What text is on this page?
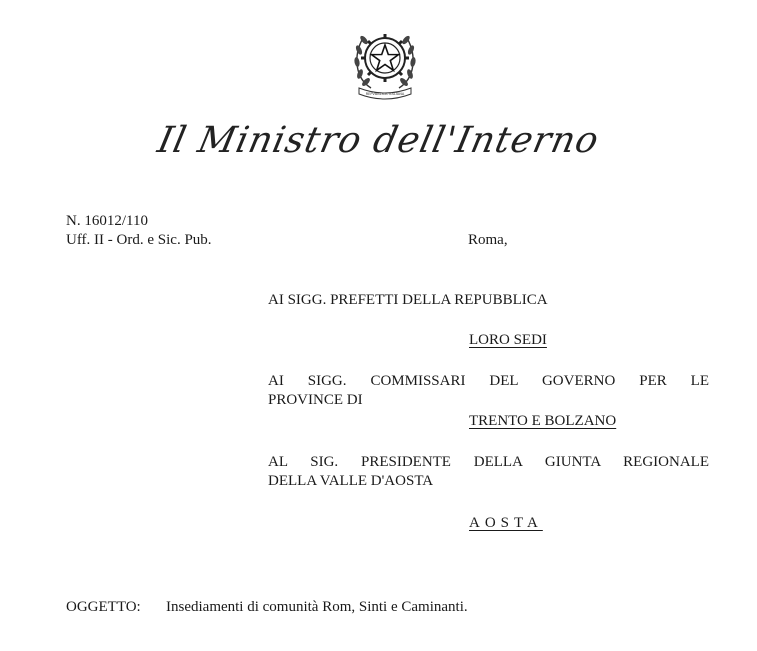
REPVBBLICA ITALIANA
Il Ministro dell'Interno
N. 16012/110
Uff. II - Ord. e Sic. Pub.	Roma,
AI SIGG. PREFETTI DELLA REPUBBLICA
LORO SEDI
AI SIGG. COMMISSARI DEL GOVERNO PER LE
PROVINCE DI
TRENTO E BOLZANO
AL SIG. PRESIDENTE DELLA GIUNTA REGIONALE
DELLA VALLE D'AOSTA
AOSTA
OGGETTO: Insediamenti di comunità Rom, Sinti e Caminanti.
